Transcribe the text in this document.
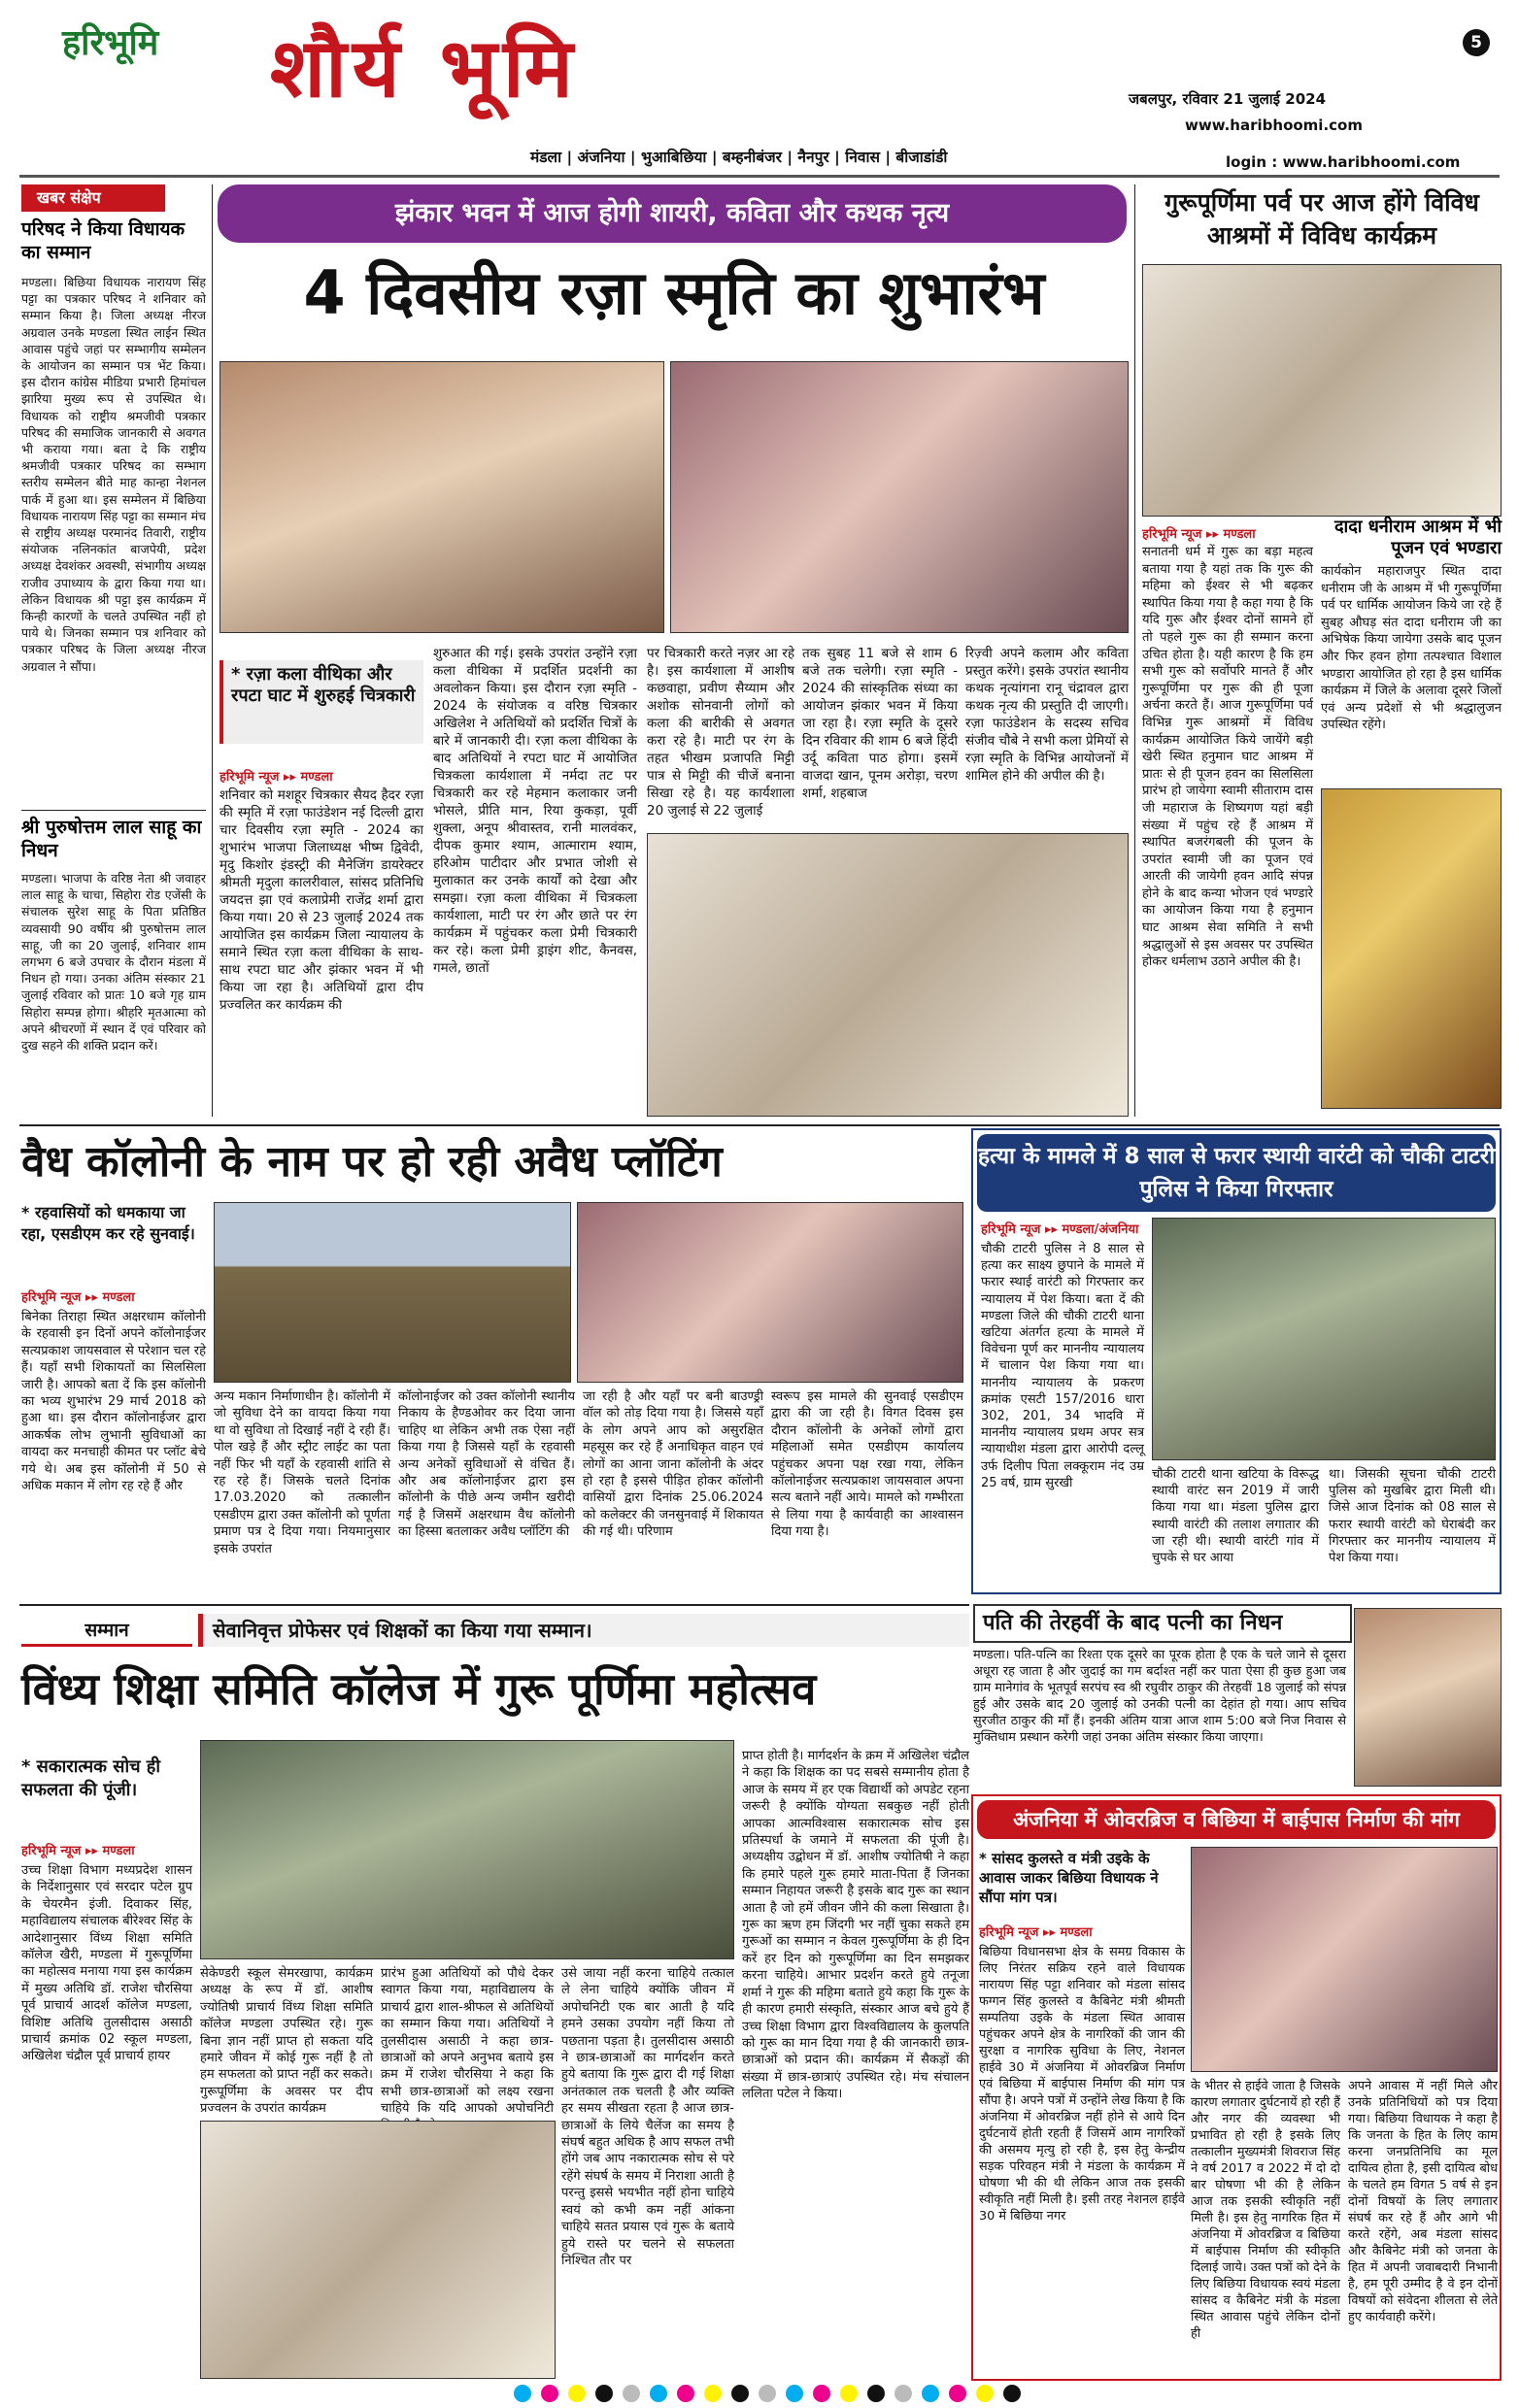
हरिभूमि शौर्य भूमि	5
जबलपुर, रविवार 21 जुलाई 2024
www.haribhoomi.com
login : www.haribhoomi.com
मंडला | अंजनिया | भुआबिछिया | बम्हनीबंजर | नैनपुर | निवास | बीजाडांडी
खबर संक्षेप
परिषद ने किया विधायक का सम्मान
मण्डला। बिछिया विधायक नारायण सिंह पट्टा का पत्रकार परिषद ने शनिवार को सम्मान किया है। जिला अध्यक्ष नीरज अग्रवाल उनके मण्डला स्थित लाईन स्थित आवास पहुंचे जहां पर सम्भागीय सम्मेलन के आयोजन का सम्मान पत्र भेंट किया। इस दौरान कांग्रेस मीडिया प्रभारी हिमांचल झारिया मुख्य रूप से उपस्थित थे। विधायक को राष्ट्रीय श्रमजीवी पत्रकार परिषद की समाजिक जानकारी से अवगत भी कराया गया। बता दे कि राष्ट्रीय श्रमजीवी पत्रकार परिषद का सम्भाग स्तरीय सम्मेलन बीते माह कान्हा नेशनल पार्क में हुआ था। इस सम्मेलन में बिछिया विधायक नारायण सिंह पट्टा का सम्मान मंच से राष्ट्रीय अध्यक्ष परमानंद तिवारी, राष्ट्रीय संयोजक नलिनकांत बाजपेयी, प्रदेश अध्यक्ष देवशंकर अवस्थी, संभागीय अध्यक्ष राजीव उपाध्याय के द्वारा किया गया था। लेकिन विधायक श्री पट्टा इस कार्यक्रम में किन्ही कारणों के चलते उपस्थित नहीं हो पाये थे। जिनका सम्मान पत्र शनिवार को पत्रकार परिषद के जिला अध्यक्ष नीरज अग्रवाल ने सौंपा।
श्री पुरुषोत्तम लाल साहू का निधन
मण्डला। भाजपा के वरिष्ठ नेता श्री जवाहर लाल साहू के चाचा, सिहोरा रोड एजेंसी के संचालक सुरेश साहू के पिता प्रतिष्ठित व्यवसायी 90 वर्षीय श्री पुरुषोत्तम लाल साहू, जी का 20 जुलाई, शनिवार शाम लगभग 6 बजे उपचार के दौरान मंडला में निधन हो गया। उनका अंतिम संस्कार 21 जुलाई रविवार को प्रातः 10 बजे गृह ग्राम सिहोरा सम्पन्न होगा। श्रीहरि मृतआत्मा को अपने श्रीचरणों में स्थान दें एवं परिवार को दुख सहने की शक्ति प्रदान करें।
झंकार भवन में आज होगी शायरी, कविता और कथक नृत्य
4 दिवसीय रज़ा स्मृति का शुभारंभ
* रज़ा कला वीथिका और रपटा घाट में शुरुहई चित्रकारी
हरिभूमि न्यूज ▸▸ मण्डला
शनिवार को मशहूर चित्रकार सैयद हैदर रज़ा की स्मृति में रज़ा फाउंडेशन नई दिल्ली द्वारा चार दिवसीय रज़ा स्मृति - 2024 का शुभारंभ भाजपा जिलाध्यक्ष भीष्म द्विवेदी, मृदु किशोर इंडस्ट्री की मैनेजिंग डायरेक्टर श्रीमती मृदुला कालरीवाल, सांसद प्रतिनिधि जयदत्त झा एवं कलाप्रेमी राजेंद्र शर्मा द्वारा किया गया। 20 से 23 जुलाई 2024 तक आयोजित इस कार्यक्रम जिला न्यायालय के समाने स्थित रज़ा कला वीथिका के साथ-साथ रपटा घाट और झंकार भवन में भी किया जा रहा है। अतिथियों द्वारा दीप प्रज्वलित कर कार्यक्रम की
शुरुआत की गई। इसके उपरांत उन्होंने रज़ा कला वीथिका में प्रदर्शित प्रदर्शनी का अवलोकन किया। इस दौरान रज़ा स्मृति - 2024 के संयोजक व वरिष्ठ चित्रकार अखिलेश ने अतिथियों को प्रदर्शित चित्रों के बारे में जानकारी दी। रज़ा कला वीथिका के बाद अतिथियों ने रपटा घाट में आयोजित चित्रकला कार्यशाला में नर्मदा तट पर चित्रकारी कर रहे मेहमान कलाकार जनी भोसले, प्रीति मान, रिया कुकड़ा, पूर्वी शुक्ला, अनूप श्रीवास्तव, रानी मालवंकर, दीपक कुमार श्याम, आत्माराम श्याम, हरिओम पाटीदार और प्रभात जोशी से मुलाकात कर उनके कार्यों को देखा और समझा। रज़ा कला वीथिका में चित्रकला कार्यशाला, माटी पर रंग और छाते पर रंग कार्यक्रम में पहुंचकर कला प्रेमी चित्रकारी कर रहे। कला प्रेमी ड्राइंग शीट, कैनवस, गमले, छातों
पर चित्रकारी करते नज़र आ रहे है। इस कार्यशाला में आशीष कछवाहा, प्रवीण सैय्याम और अशोक सोनवानी लोगों को कला की बारीकी से अवगत करा रहे है। माटी पर रंग के तहत भीखम प्रजापति मिट्टी पात्र से मिट्टी की चीजें बनाना सिखा रहे है। यह कार्यशाला 20 जुलाई से 22 जुलाई
तक सुबह 11 बजे से शाम 6 बजे तक चलेगी। रज़ा स्मृति - 2024 की सांस्कृतिक संध्या का आयोजन झंकार भवन में किया जा रहा है। रज़ा स्मृति के दूसरे दिन रविवार की शाम 6 बजे हिंदी उर्दू कविता पाठ होगा। इसमें वाजदा खान, पूनम अरोड़ा, चरण शर्मा, शहबाज
रिज़्वी अपने कलाम और कविता प्रस्तुत करेंगे। इसके उपरांत स्थानीय कथक नृत्यांगना रानू चंद्रावल द्वारा कथक नृत्य की प्रस्तुति दी जाएगी। रज़ा फाउंडेशन के सदस्य सचिव संजीव चौबे ने सभी कला प्रेमियों से रज़ा स्मृति के विभिन्न आयोजनों में शामिल होने की अपील की है।
गुरूपूर्णिमा पर्व पर आज होंगे विविध आश्रमों में विविध कार्यक्रम
हरिभूमि न्यूज ▸▸ मण्डला	दादा धनीराम आश्रम में भी पूजन एवं भण्डारा
सनातनी धर्म में गुरू का बड़ा महत्व बताया गया है यहां तक कि गुरू की महिमा को ईश्वर से भी बढ़कर स्थापित किया गया है कहा गया है कि यदि गुरू और ईश्वर दोनों सामने हों तो पहले गुरू का ही सम्मान करना उचित होता है। यही कारण है कि हम सभी गुरू को सर्वोपरि मानते हैं और गुरूपूर्णिमा पर गुरू की ही पूजा अर्चना करते हैं। आज गुरूपूर्णिमा पर्व विभिन्न गुरू आश्रमों में विविध कार्यक्रम आयोजित किये जायेंगे बड़ी खेरी स्थित हनुमान घाट आश्रम में प्रातः से ही पूजन हवन का सिलसिला प्रारंभ हो जायेगा स्वामी सीताराम दास जी महाराज के शिष्यगण यहां बड़ी संख्या में पहुंच रहे हैं आश्रम में स्थापित बजरंगबली की पूजन के उपरांत स्वामी जी का पूजन एवं आरती की जायेगी हवन आदि संपन्न होने के बाद कन्या भोजन एवं भण्डारे का आयोजन किया गया है हनुमान घाट आश्रम सेवा समिति ने सभी श्रद्धालुओं से इस अवसर पर उपस्थित होकर धर्मलाभ उठाने अपील की है।
कार्यकोन महाराजपुर स्थित दादा धनीराम जी के आश्रम में भी गुरूपूर्णिमा पर्व पर धार्मिक आयोजन किये जा रहे हैं सुबह औघड़ संत दादा धनीराम जी का अभिषेक किया जायेगा उसके बाद पूजन और फिर हवन होगा तत्पश्चात विशाल भण्डारा आयोजित हो रहा है इस धार्मिक कार्यक्रम में जिले के अलावा दूसरे जिलों एवं अन्य प्रदेशों से भी श्रद्धालुजन उपस्थित रहेंगे।
वैध कॉलोनी के नाम पर हो रही अवैध प्लॉटिंग
* रहवासियों को धमकाया जा रहा, एसडीएम कर रहे सुनवाई।
हरिभूमि न्यूज ▸▸ मण्डला
बिनेका तिराहा स्थित अक्षरधाम कॉलोनी के रहवासी इन दिनों अपने कॉलोनाईजर सत्यप्रकाश जायसवाल से परेशान चल रहे हैं। यहाँ सभी शिकायतों का सिलसिला जारी है। आपको बता दें कि इस कॉलोनी का भव्य शुभारंभ 29 मार्च 2018 को हुआ था। इस दौरान कॉलोनाईजर द्वारा आकर्षक लोभ लुभानी सुविधाओं का वायदा कर मनचाही कीमत पर प्लॉट बेचे गये थे। अब इस कॉलोनी में 50 से अधिक मकान में लोग रह रहे हैं और
अन्य मकान निर्माणाधीन है। कॉलोनी में जो सुविधा देने का वायदा किया गया था वो सुविधा तो दिखाई नहीं दे रही हैं। पोल खड़े हैं और स्ट्रीट लाईट का पता नहीं फिर भी यहाँ के रहवासी शांति से रह रहे हैं। जिसके चलते दिनांक 17.03.2020 को तत्कालीन एसडीएम द्वारा उक्त कॉलोनी को पूर्णता प्रमाण पत्र दे दिया गया। नियमानुसार इसके उपरांत
कॉलोनाईजर को उक्त कॉलोनी स्थानीय निकाय के हैण्डओवर कर दिया जाना चाहिए था लेकिन अभी तक ऐसा नहीं किया गया है जिससे यहाँ के रहवासी अन्य अनेकों सुविधाओं से वंचित हैं। और अब कॉलोनाईजर द्वारा इस कॉलोनी के पीछे अन्य जमीन खरीदी गई है जिसमें अक्षरधाम वैध कॉलोनी का हिस्सा बतलाकर अवैध प्लॉटिंग की
जा रही है और यहाँ पर बनी बाउण्ड्री वॉल को तोड़ दिया गया है। जिससे यहाँ के लोग अपने आप को असुरक्षित महसूस कर रहे हैं अनाधिकृत वाहन एवं लोगों का आना जाना कॉलोनी के अंदर हो रहा है इससे पीड़ित होकर कॉलोनी वासियों द्वारा दिनांक 25.06.2024 को कलेक्टर की जनसुनवाई में शिकायत की गई थी। परिणाम
स्वरूप इस मामले की सुनवाई एसडीएम द्वारा की जा रही है। विगत दिवस इस दौरान कॉलोनी के अनेकों लोगों द्वारा महिलाओं समेत एसडीएम कार्यालय पहुंचकर अपना पक्ष रखा गया, लेकिन कॉलोनाईजर सत्यप्रकाश जायसवाल अपना सत्य बताने नहीं आये। मामले को गम्भीरता से लिया गया है कार्यवाही का आश्वासन दिया गया है।
हत्या के मामले में 8 साल से फरार स्थायी वारंटी को चौकी टाटरी पुलिस ने किया गिरफ्तार
हरिभूमि न्यूज ▸▸ मण्डला/अंजनिया
चौकी टाटरी पुलिस ने 8 साल से हत्या कर साक्ष्य छुपाने के मामले में फरार स्थाई वारंटी को गिरफ्तार कर न्यायालय में पेश किया। बता दें की मण्डला जिले की चौकी टाटरी थाना खटिया अंतर्गत हत्या के मामले में विवेचना पूर्ण कर माननीय न्यायालय में चालान पेश किया गया था। माननीय न्यायालय के प्रकरण क्रमांक एसटी 157/2016 धारा 302, 201, 34 भादवि में माननीय न्यायालय प्रथम अपर सत्र न्यायाधीश मंडला द्वारा आरोपी दल्लू उर्फ दिलीप पिता लक्कूराम नंद उम्र 25 वर्ष, ग्राम सुरखी
चौकी टाटरी थाना खटिया के विरूद्ध स्थायी वारंट सन 2019 में जारी किया गया था। मंडला पुलिस द्वारा स्थायी वारंटी की तलाश लगातार की जा रही थी। स्थायी वारंटी गांव में चुपके से घर आया
था। जिसकी सूचना चौकी टाटरी पुलिस को मुखबिर द्वारा मिली थी। जिसे आज दिनांक को 08 साल से फरार स्थायी वारंटी को घेराबंदी कर गिरफ्तार कर माननीय न्यायालय में पेश किया गया।
पति की तेरहवीं के बाद पत्नी का निधन
मण्डला। पति-पत्नि का रिश्ता एक दूसरे का पूरक होता है एक के चले जाने से दूसरा अधूरा रह जाता है और जुदाई का गम बर्दाश्त नहीं कर पाता ऐसा ही कुछ हुआ जब ग्राम मानेगांव के भूतपूर्व सरपंच स्व श्री रघुवीर ठाकुर की तेरहवीं 18 जुलाई को संपन्न हुई और उसके बाद 20 जुलाई को उनकी पत्नी का देहांत हो गया। आप सचिव सुरजीत ठाकुर की माँ हैं। इनकी अंतिम यात्रा आज शाम 5:00 बजे निज निवास से मुक्तिधाम प्रस्थान करेगी जहां उनका अंतिम संस्कार किया जाएगा।
सम्मान	सेवानिवृत्त प्रोफेसर एवं शिक्षकों का किया गया सम्मान।
विंध्य शिक्षा समिति कॉलेज में गुरू पूर्णिमा महोत्सव
* सकारात्मक सोच ही सफलता की पूंजी।
हरिभूमि न्यूज ▸▸ मण्डला
उच्च शिक्षा विभाग मध्यप्रदेश शासन के निर्देशानुसार एवं सरदार पटेल ग्रुप के चेयरमैन इंजी. दिवाकर सिंह, महाविद्यालय संचालक बीरेश्वर सिंह के आदेशानुसार विंध्य शिक्षा समिति कॉलेज खैरी, मण्डला में गुरूपूर्णिमा का महोत्सव मनाया गया इस कार्यक्रम में मुख्य अतिथि डॉ. राजेश चौरसिया पूर्व प्राचार्य आदर्श कॉलेज मण्डला, विशिष्ट अतिथि तुलसीदास असाठी प्राचार्य क्रमांक 02 स्कूल मण्डला, अखिलेश चंद्रौल पूर्व प्राचार्य हायर
सेकेण्डरी स्कूल सेमरखापा, कार्यक्रम अध्यक्ष के रूप में डॉ. आशीष ज्योतिषी प्राचार्य विंध्य शिक्षा समिति कॉलेज मण्डला उपस्थित रहे। गुरू बिना ज्ञान नहीं प्राप्त हो सकता यदि हमारे जीवन में कोई गुरू नहीं है तो हम सफलता को प्राप्त नहीं कर सकते। गुरूपूर्णिमा के अवसर पर दीप प्रज्वलन के उपरांत कार्यक्रम
प्रारंभ हुआ अतिथियों को पौधे देकर स्वागत किया गया, महाविद्यालय के प्राचार्य द्वारा शाल-श्रीफल से अतिथियों का सम्मान किया गया। अतिथियों ने तुलसीदास असाठी ने कहा छात्र-छात्राओं को अपने अनुभव बताये इस क्रम में राजेश चौरसिया ने कहा कि सभी छात्र-छात्राओं को लक्ष्य रखना चाहिये कि यदि आपको अपोचनिटी
उसे जाया नहीं करना चाहिये तत्काल ले लेना चाहिये क्योंकि जीवन में अपोचनिटी एक बार आती है यदि हमने उसका उपयोग नहीं किया तो पछताना पड़ता है। तुलसीदास असाठी ने छात्र-छात्राओं का मार्गदर्शन करते हुये बताया कि गुरू द्वारा दी गई शिक्षा अनंतकाल तक चलती है और व्यक्ति हर समय सीखता रहता है आज छात्र-छात्राओं के लिये चैलेंज का समय है संघर्ष बहुत अधिक है आप सफल तभी होंगे जब आप नकारात्मक सोच से परे रहेंगे संघर्ष के समय में निराशा आती है परन्तु इससे भयभीत नहीं होना चाहिये स्वयं को कभी कम नहीं आंकना चाहिये सतत प्रयास एवं गुरू के बताये हुये रास्ते पर चलने से सफलता निश्चित तौर पर
प्राप्त होती है। मार्गदर्शन के क्रम में अखिलेश चंद्रौल ने कहा कि शिक्षक का पद सबसे सम्मानीय होता है आज के समय में हर एक विद्यार्थी को अपडेट रहना जरूरी है क्योंकि योग्यता सबकुछ नहीं होती आपका आत्मविश्वास सकारात्मक सोच इस प्रतिस्पर्धा के जमाने में सफलता की पूंजी है। अध्यक्षीय उद्बोधन में डॉ. आशीष ज्योतिषी ने कहा कि हमारे पहले गुरू हमारे माता-पिता हैं जिनका सम्मान निहायत जरूरी है इसके बाद गुरू का स्थान आता है जो हमें जीवन जीने की कला सिखाता है। गुरू का ऋण हम जिंदगी भर नहीं चुका सकते हम गुरूओं का सम्मान न केवल गुरूपूर्णिमा के ही दिन करें हर दिन को गुरूपूर्णिमा का दिन समझकर करना चाहिये। आभार प्रदर्शन करते हुये तनूजा शर्मा ने गुरू की महिमा बताते हुये कहा कि गुरू के ही कारण हमारी संस्कृति, संस्कार आज बचे हुये हैं उच्च शिक्षा विभाग द्वारा विश्वविद्यालय के कुलपति को गुरू का मान दिया गया है की जानकारी छात्र-छात्राओं को प्रदान की। कार्यक्रम में सैकड़ों की संख्या में छात्र-छात्राएं उपस्थित रहे। मंच संचालन ललिता पटेल ने किया।
अंजनिया में ओवरब्रिज व बिछिया में बाईपास निर्माण की मांग
* सांसद कुलस्ते व मंत्री उइके के आवास जाकर बिछिया विधायक ने सौंपा मांग पत्र।
हरिभूमि न्यूज ▸▸ मण्डला
बिछिया विधानसभा क्षेत्र के समग्र विकास के लिए निरंतर सक्रिय रहने वाले विधायक नारायण सिंह पट्टा शनिवार को मंडला सांसद फग्गन सिंह कुलस्ते व कैबिनेट मंत्री श्रीमती सम्पतिया उइके के मंडला स्थित आवास पहुंचकर अपने क्षेत्र के नागरिकों की जान की सुरक्षा व नागरिक सुविधा के लिए, नेशनल हाईवे 30 में अंजनिया में ओवरब्रिज निर्माण एवं बिछिया में बाईपास निर्माण की मांग पत्र सौंपा है। अपने पत्रों में उन्होंने लेख किया है कि अंजनिया में ओवरब्रिज नहीं होने से आये दिन दुर्घटनायें होती रहती हैं जिसमें आम नागरिकों की असमय मृत्यु हो रही है, इस हेतु केन्द्रीय सड़क परिवहन मंत्री ने मंडला के कार्यक्रम में घोषणा भी की थी लेकिन आज तक इसकी स्वीकृति नहीं मिली है। इसी तरह नेशनल हाईवे 30 में बिछिया नगर
के भीतर से हाईवे जाता है जिसके कारण लगातार दुर्घटनायें हो रही हैं और नगर की व्यवस्था भी प्रभावित हो रही है इसके लिए तत्कालीन मुख्यमंत्री शिवराज सिंह ने वर्ष 2017 व 2022 में दो दो बार घोषणा भी की है लेकिन आज तक इसकी स्वीकृति नहीं मिली है। इस हेतु नागरिक हित में अंजनिया में ओवरब्रिज व बिछिया में बाईपास निर्माण की स्वीकृति दिलाई जाये। उक्त पत्रों को देने के लिए बिछिया विधायक स्वयं मंडला सांसद व कैबिनेट मंत्री के मंडला स्थित आवास पहुंचे लेकिन दोनों ही
अपने आवास में नहीं मिले और उनके प्रतिनिधियों को पत्र दिया गया। बिछिया विधायक ने कहा है कि जनता के हित के लिए काम करना जनप्रतिनिधि का मूल दायित्व होता है, इसी दायित्व बोध के चलते हम विगत 5 वर्ष से इन दोनों विषयों के लिए लगातार संघर्ष कर रहे हैं और आगे भी करते रहेंगे, अब मंडला सांसद और कैबिनेट मंत्री को जनता के हित में अपनी जवाबदारी निभानी है, हम पूरी उम्मीद है वे इन दोनों विषयों को संवेदना शीलता से लेते हुए कार्यवाही करेंगे।
